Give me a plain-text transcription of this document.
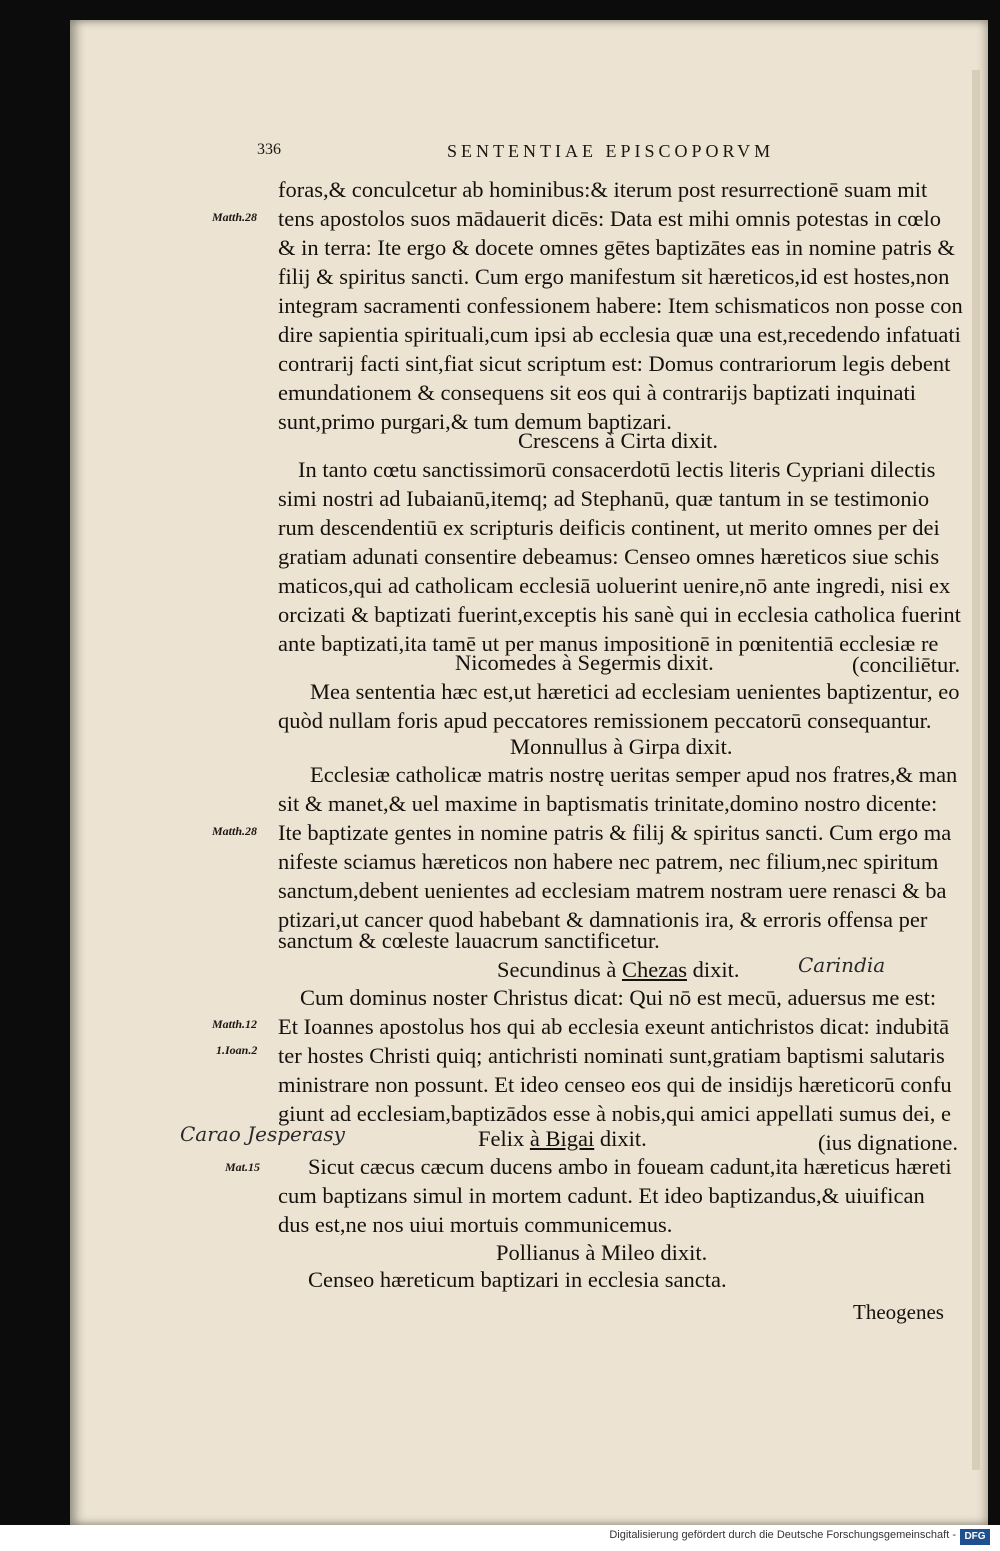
336	SENTENTIAE EPISCOPORVM
Matth.28
Matth.28
Matth.12
1.Ioan.2
Mat.15
Carindia
Carao Jesperasy
foras,& conculcetur ab hominibus:& iterum post resurrectionē suam mit
tens apostolos suos mādauerit dicēs: Data est mihi omnis potestas in cœlo
& in terra: Ite ergo & docete omnes gētes baptizātes eas in nomine patris &
filij & spiritus sancti. Cum ergo manifestum sit hæreticos,id est hostes,non
integram sacramenti confessionem habere: Item schismaticos non posse con
dire sapientia spirituali,cum ipsi ab ecclesia quæ una est,recedendo infatuati
contrarij facti sint,fiat sicut scriptum est: Domus contrariorum legis debent
emundationem & consequens sit eos qui à contrarijs baptizati inquinati
sunt,primo purgari,& tum demum baptizari.
Crescens à Cirta dixit.
In tanto cœtu sanctissimorū consacerdotū lectis literis Cypriani dilectis
simi nostri ad Iubaianū,itemq; ad Stephanū, quæ tantum in se testimonio
rum descendentiū ex scripturis deificis continent, ut merito omnes per dei
gratiam adunati consentire debeamus: Censeo omnes hæreticos siue schis
maticos,qui ad catholicam ecclesiā uoluerint uenire,nō ante ingredi, nisi ex
orcizati & baptizati fuerint,exceptis his sanè qui in ecclesia catholica fuerint
ante baptizati,ita tamē ut per manus impositionē in pœnitentiā ecclesiæ re
Nicomedes à Segermis dixit.	(conciliētur.
Mea sententia hæc est,ut hæretici ad ecclesiam uenientes baptizentur, eo
quòd nullam foris apud peccatores remissionem peccatorū consequantur.
Monnullus à Girpa dixit.
Ecclesiæ catholicæ matris nostrę ueritas semper apud nos fratres,& man
sit & manet,& uel maxime in baptismatis trinitate,domino nostro dicente:
Ite baptizate gentes in nomine patris & filij & spiritus sancti. Cum ergo ma
nifeste sciamus hæreticos non habere nec patrem, nec filium,nec spiritum
sanctum,debent uenientes ad ecclesiam matrem nostram uere renasci & ba
ptizari,ut cancer quod habebant & damnationis ira, & erroris offensa per
sanctum & cœleste lauacrum sanctificetur.
Secundinus à Chezas dixit.
Cum dominus noster Christus dicat: Qui nō est mecū, aduersus me est:
Et Ioannes apostolus hos qui ab ecclesia exeunt antichristos dicat: indubitā
ter hostes Christi quiq; antichristi nominati sunt,gratiam baptismi salutaris
ministrare non possunt. Et ideo censeo eos qui de insidijs hæreticorū confu
giunt ad ecclesiam,baptizādos esse à nobis,qui amici appellati sumus dei, e
Felix à Bigai dixit.	(ius dignatione.
Sicut cæcus cæcum ducens ambo in foueam cadunt,ita hæreticus hæreti
cum baptizans simul in mortem cadunt. Et ideo baptizandus,& uiuifican
dus est,ne nos uiui mortuis communicemus.
Pollianus à Mileo dixit.
Censeo hæreticum baptizari in ecclesia sancta.
Theogenes
Digitalisierung gefördert durch die Deutsche Forschungsgemeinschaft - DFG
